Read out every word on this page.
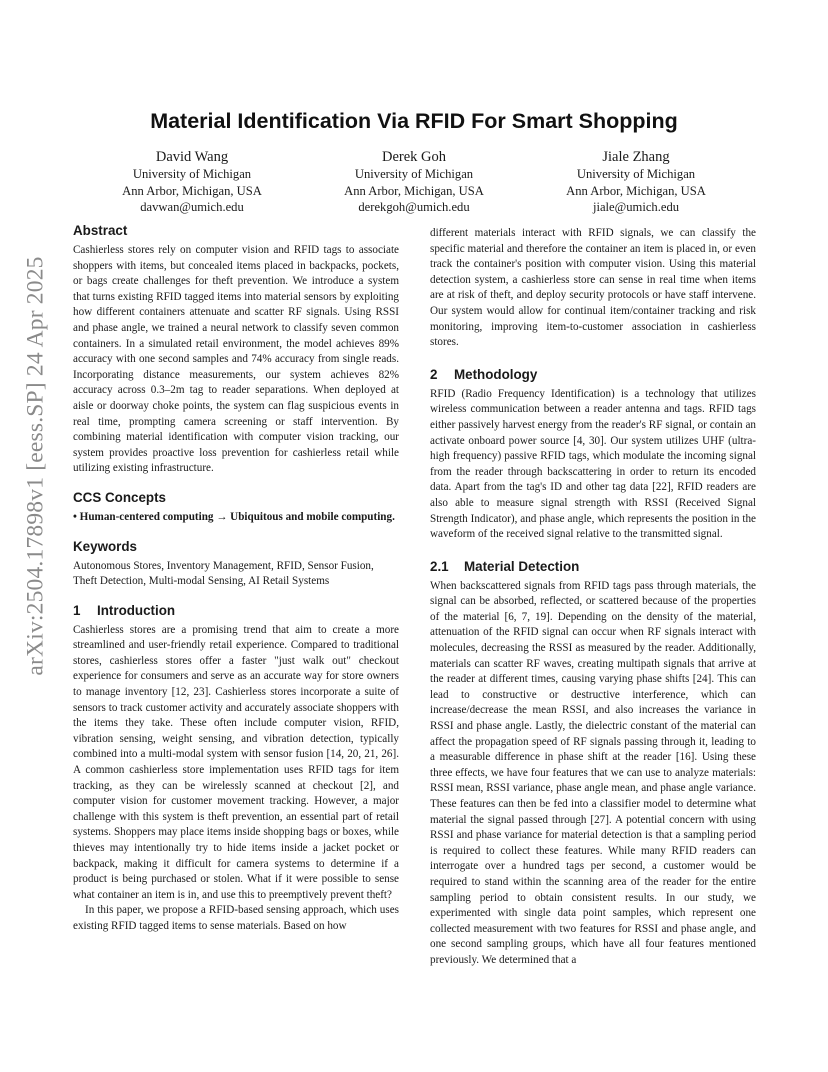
arXiv:2504.17898v1 [eess.SP] 24 Apr 2025
Material Identification Via RFID For Smart Shopping
David Wang
University of Michigan
Ann Arbor, Michigan, USA
davwan@umich.edu
Derek Goh
University of Michigan
Ann Arbor, Michigan, USA
derekgoh@umich.edu
Jiale Zhang
University of Michigan
Ann Arbor, Michigan, USA
jiale@umich.edu
Abstract

Cashierless stores rely on computer vision and RFID tags to associate shoppers with items, but concealed items placed in backpacks, pockets, or bags create challenges for theft prevention. We introduce a system that turns existing RFID tagged items into material sensors by exploiting how different containers attenuate and scatter RF signals. Using RSSI and phase angle, we trained a neural network to classify seven common containers. In a simulated retail environment, the model achieves 89% accuracy with one second samples and 74% accuracy from single reads. Incorporating distance measurements, our system achieves 82% accuracy across 0.3–2m tag to reader separations. When deployed at aisle or doorway choke points, the system can flag suspicious events in real time, prompting camera screening or staff intervention. By combining material identification with computer vision tracking, our system provides proactive loss prevention for cashierless retail while utilizing existing infrastructure.

CCS Concepts

• Human-centered computing → Ubiquitous and mobile computing.

Keywords

Autonomous Stores, Inventory Management, RFID, Sensor Fusion, Theft Detection, Multi-modal Sensing, AI Retail Systems

1 Introduction

Cashierless stores are a promising trend that aim to create a more streamlined and user-friendly retail experience. Compared to traditional stores, cashierless stores offer a faster "just walk out" checkout experience for consumers and serve as an accurate way for store owners to manage inventory [12, 23]. Cashierless stores incorporate a suite of sensors to track customer activity and accurately associate shoppers with the items they take. These often include computer vision, RFID, vibration sensing, weight sensing, and vibration detection, typically combined into a multi-modal system with sensor fusion [14, 20, 21, 26]. A common cashierless store implementation uses RFID tags for item tracking, as they can be wirelessly scanned at checkout [2], and computer vision for customer movement tracking. However, a major challenge with this system is theft prevention, an essential part of retail systems. Shoppers may place items inside shopping bags or boxes, while thieves may intentionally try to hide items inside a jacket pocket or backpack, making it difficult for camera systems to determine if a product is being purchased or stolen. What if it were possible to sense what container an item is in, and use this to preemptively prevent theft?

In this paper, we propose a RFID-based sensing approach, which uses existing RFID tagged items to sense materials. Based on how

different materials interact with RFID signals, we can classify the specific material and therefore the container an item is placed in, or even track the container's position with computer vision. Using this material detection system, a cashierless store can sense in real time when items are at risk of theft, and deploy security protocols or have staff intervene. Our system would allow for continual item/container tracking and risk monitoring, improving item-to-customer association in cashierless stores.

2 Methodology

RFID (Radio Frequency Identification) is a technology that utilizes wireless communication between a reader antenna and tags. RFID tags either passively harvest energy from the reader's RF signal, or contain an activate onboard power source [4, 30]. Our system utilizes UHF (ultra-high frequency) passive RFID tags, which modulate the incoming signal from the reader through backscattering in order to return its encoded data. Apart from the tag's ID and other tag data [22], RFID readers are also able to measure signal strength with RSSI (Received Signal Strength Indicator), and phase angle, which represents the position in the waveform of the received signal relative to the transmitted signal.

2.1 Material Detection

When backscattered signals from RFID tags pass through materials, the signal can be absorbed, reflected, or scattered because of the properties of the material [6, 7, 19]. Depending on the density of the material, attenuation of the RFID signal can occur when RF signals interact with molecules, decreasing the RSSI as measured by the reader. Additionally, materials can scatter RF waves, creating multipath signals that arrive at the reader at different times, causing varying phase shifts [24]. This can lead to constructive or destructive interference, which can increase/decrease the mean RSSI, and also increases the variance in RSSI and phase angle. Lastly, the dielectric constant of the material can affect the propagation speed of RF signals passing through it, leading to a measurable difference in phase shift at the reader [16]. Using these three effects, we have four features that we can use to analyze materials: RSSI mean, RSSI variance, phase angle mean, and phase angle variance. These features can then be fed into a classifier model to determine what material the signal passed through [27]. A potential concern with using RSSI and phase variance for material detection is that a sampling period is required to collect these features. While many RFID readers can interrogate over a hundred tags per second, a customer would be required to stand within the scanning area of the reader for the entire sampling period to obtain consistent results. In our study, we experimented with single data point samples, which represent one collected measurement with two features for RSSI and phase angle, and one second sampling groups, which have all four features mentioned previously. We determined that a
